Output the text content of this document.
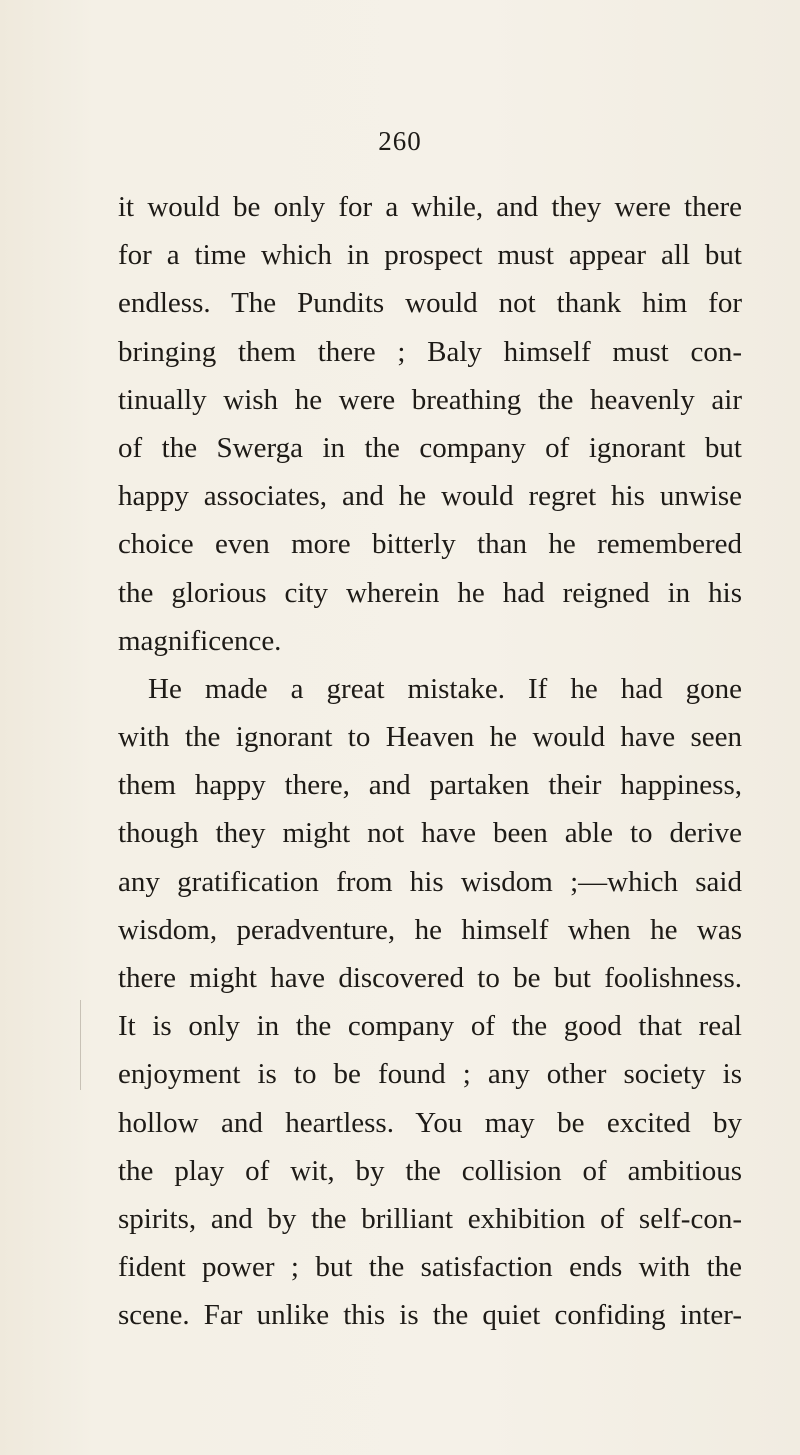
260
it would be only for a while, and they were there
for a time which in prospect must appear all but
endless. The Pundits would not thank him for
bringing them there ; Baly himself must con-
tinually wish he were breathing the heavenly air
of the Swerga in the company of ignorant but
happy associates, and he would regret his unwise
choice even more bitterly than he remembered
the glorious city wherein he had reigned in his
magnificence.
He made a great mistake. If he had gone
with the ignorant to Heaven he would have seen
them happy there, and partaken their happiness,
though they might not have been able to derive
any gratification from his wisdom ;—which said
wisdom, peradventure, he himself when he was
there might have discovered to be but foolishness.
It is only in the company of the good that real
enjoyment is to be found ; any other society is
hollow and heartless. You may be excited by
the play of wit, by the collision of ambitious
spirits, and by the brilliant exhibition of self-con-
fident power ; but the satisfaction ends with the
scene. Far unlike this is the quiet confiding inter-
